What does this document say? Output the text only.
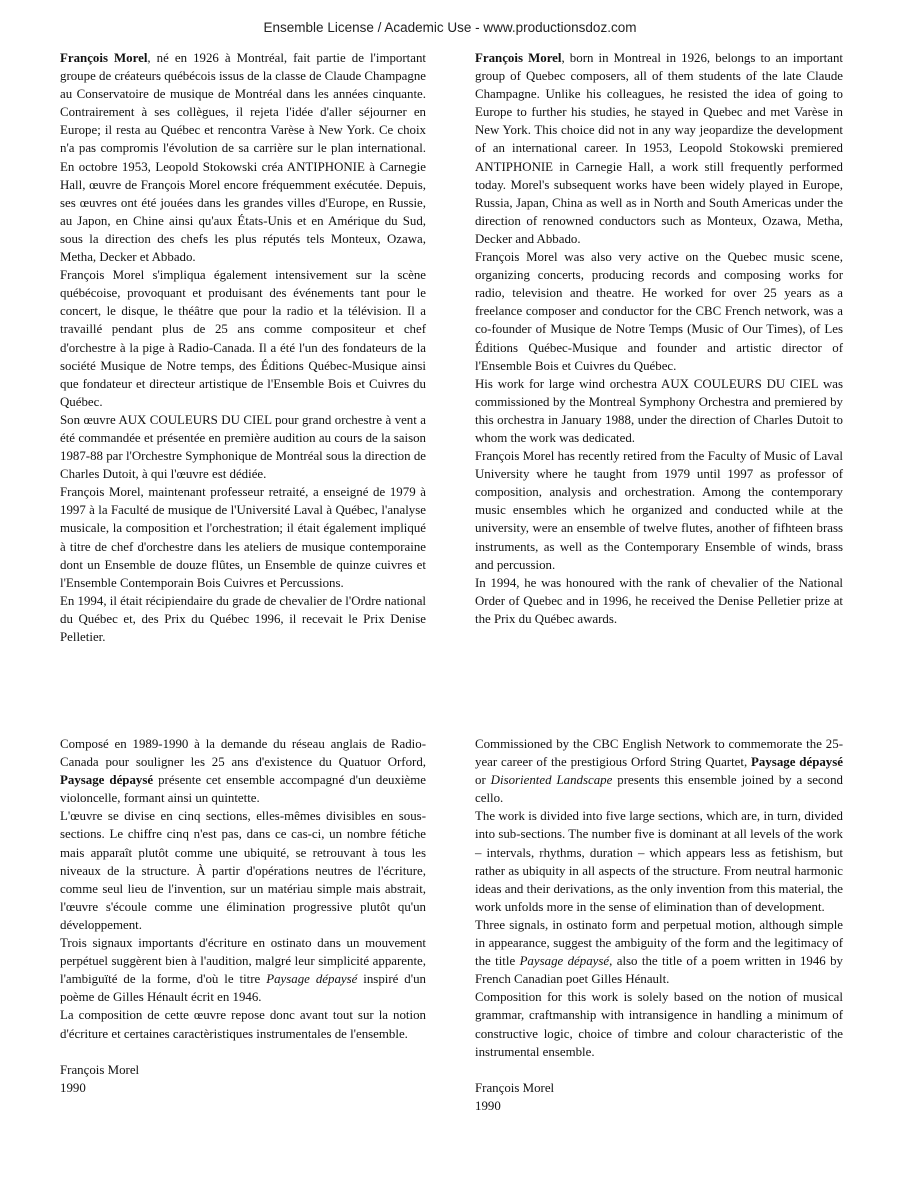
Ensemble License / Academic Use - www.productionsdoz.com

François Morel, né en 1926 à Montréal, fait partie de l'important groupe de créateurs québécois issus de la classe de Claude Champagne au Conservatoire de musique de Montréal dans les années cinquante. Contrairement à ses collègues, il rejeta l'idée d'aller séjourner en Europe; il resta au Québec et rencontra Varèse à New York. Ce choix n'a pas compromis l'évolution de sa carrière sur le plan international. En octobre 1953, Leopold Stokowski créa ANTIPHONIE à Carnegie Hall, œuvre de François Morel encore fréquemment exécutée. Depuis, ses œuvres ont été jouées dans les grandes villes d'Europe, en Russie, au Japon, en Chine ainsi qu'aux États-Unis et en Amérique du Sud, sous la direction des chefs les plus réputés tels Monteux, Ozawa, Metha, Decker et Abbado.

François Morel s'impliqua également intensivement sur la scène québécoise, provoquant et produisant des événements tant pour le concert, le disque, le théâtre que pour la radio et la télévision. Il a travaillé pendant plus de 25 ans comme compositeur et chef d'orchestre à la pige à Radio-Canada. Il a été l'un des fondateurs de la société Musique de Notre temps, des Éditions Québec-Musique ainsi que fondateur et directeur artistique de l'Ensemble Bois et Cuivres du Québec.

Son œuvre AUX COULEURS DU CIEL pour grand orchestre à vent a été commandée et présentée en première audition au cours de la saison 1987-88 par l'Orchestre Symphonique de Montréal sous la direction de Charles Dutoit, à qui l'œuvre est dédiée.

François Morel, maintenant professeur retraité, a enseigné de 1979 à 1997 à la Faculté de musique de l'Université Laval à Québec, l'analyse musicale, la composition et l'orchestration; il était également impliqué à titre de chef d'orchestre dans les ateliers de musique contemporaine dont un Ensemble de douze flûtes, un Ensemble de quinze cuivres et l'Ensemble Contemporain Bois Cuivres et Percussions.

En 1994, il était récipiendaire du grade de chevalier de l'Ordre national du Québec et, des Prix du Québec 1996, il recevait le Prix Denise Pelletier.

François Morel, born in Montreal in 1926, belongs to an important group of Quebec composers, all of them students of the late Claude Champagne. Unlike his colleagues, he resisted the idea of going to Europe to further his studies, he stayed in Quebec and met Varèse in New York. This choice did not in any way jeopardize the development of an international career. In 1953, Leopold Stokowski premiered ANTIPHONIE in Carnegie Hall, a work still frequently performed today. Morel's subsequent works have been widely played in Europe, Russia, Japan, China as well as in North and South Americas under the direction of renowned conductors such as Monteux, Ozawa, Metha, Decker and Abbado.

François Morel was also very active on the Quebec music scene, organizing concerts, producing records and composing works for radio, television and theatre. He worked for over 25 years as a freelance composer and conductor for the CBC French network, was a co-founder of Musique de Notre Temps (Music of Our Times), of Les Éditions Québec-Musique and founder and artistic director of l'Ensemble Bois et Cuivres du Québec.

His work for large wind orchestra AUX COULEURS DU CIEL was commissioned by the Montreal Symphony Orchestra and premiered by this orchestra in January 1988, under the direction of Charles Dutoit to whom the work was dedicated.

François Morel has recently retired from the Faculty of Music of Laval University where he taught from 1979 until 1997 as professor of composition, analysis and orchestration. Among the contemporary music ensembles which he organized and conducted while at the university, were an ensemble of twelve flutes, another of fifhteen brass instruments, as well as the Contemporary Ensemble of winds, brass and percussion.

In 1994, he was honoured with the rank of chevalier of the National Order of Quebec and in 1996, he received the Denise Pelletier prize at the Prix du Québec awards.

Composé en 1989-1990 à la demande du réseau anglais de Radio-Canada pour souligner les 25 ans d'existence du Quatuor Orford, Paysage dépaysé présente cet ensemble accompagné d'un deuxième violoncelle, formant ainsi un quintette.

L'œuvre se divise en cinq sections, elles-mêmes divisibles en sous-sections. Le chiffre cinq n'est pas, dans ce cas-ci, un nombre fétiche mais apparaît plutôt comme une ubiquité, se retrouvant à tous les niveaux de la structure. À partir d'opérations neutres de l'écriture, comme seul lieu de l'invention, sur un matériau simple mais abstrait, l'œuvre s'écoule comme une élimination progressive plutôt qu'un développement.

Trois signaux importants d'écriture en ostinato dans un mouvement perpétuel suggèrent bien à l'audition, malgré leur simplicité apparente, l'ambiguïté de la forme, d'où le titre Paysage dépaysé inspiré d'un poème de Gilles Hénault écrit en 1946.

La composition de cette œuvre repose donc avant tout sur la notion d'écriture et certaines caractèristiques instrumentales de l'ensemble.

François Morel
1990

Commissioned by the CBC English Network to commemorate the 25-year career of the prestigious Orford String Quartet, Paysage dépaysé or Disoriented Landscape presents this ensemble joined by a second cello.

The work is divided into five large sections, which are, in turn, divided into sub-sections. The number five is dominant at all levels of the work – intervals, rhythms, duration – which appears less as fetishism, but rather as ubiquity in all aspects of the structure. From neutral harmonic ideas and their derivations, as the only invention from this material, the work unfolds more in the sense of elimination than of development.

Three signals, in ostinato form and perpetual motion, although simple in appearance, suggest the ambiguity of the form and the legitimacy of the title Paysage dépaysé, also the title of a poem written in 1946 by French Canadian poet Gilles Hénault.

Composition for this work is solely based on the notion of musical grammar, craftmanship with intransigence in handling a minimum of constructive logic, choice of timbre and colour characteristic of the instrumental ensemble.

François Morel
1990
